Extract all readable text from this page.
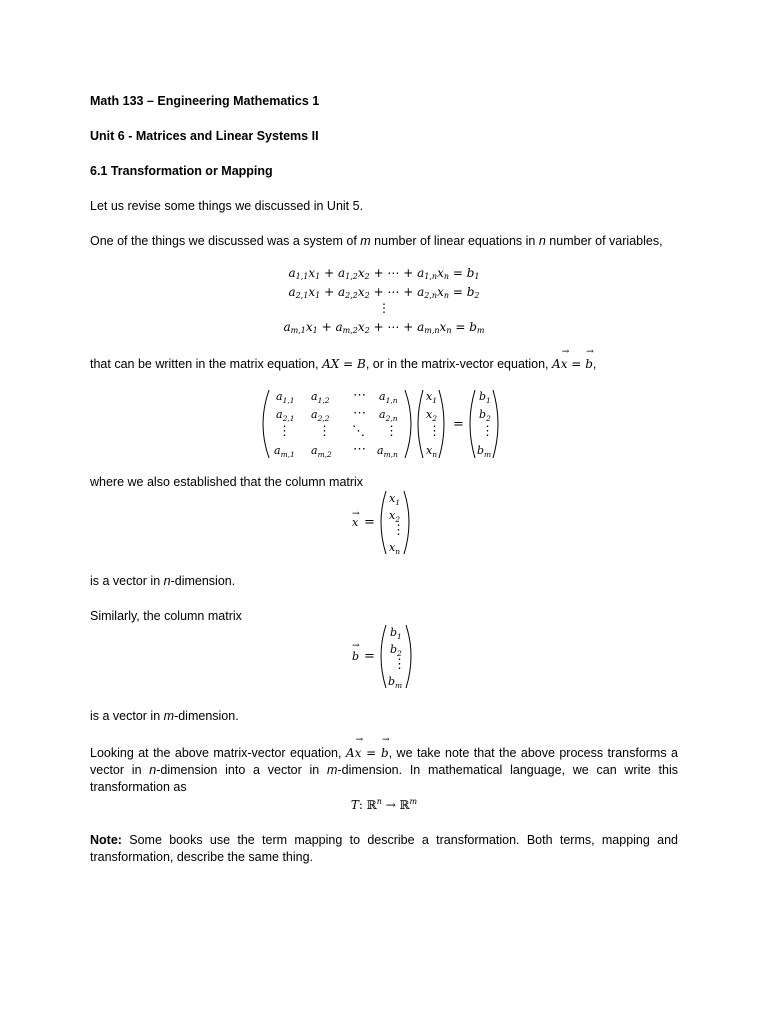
Math 133 – Engineering Mathematics 1
Unit 6 - Matrices and Linear Systems II
6.1 Transformation or Mapping
Let us revise some things we discussed in Unit 5.
One of the things we discussed was a system of m number of linear equations in n number of variables,
$a_{1,1}x_1 + a_{1,2}x_2$ + ⋯ + $a_{1,n}x_n = b_1$
$a_{2,1}x_1 + a_{2,2}x_2$ + ⋯ + $a_{2,n}x_n = b_2$
⋮
$a_{m,1}x_1 + a_{m,2}x_2$ + ⋯ + $a_{m,n}x_n = b_m$
that can be written in the matrix equation, AX = B, or in the matrix-vector equation, A→ x = → b,
$a_{1,1}$ $a_{1,2}$ ⋯ $a_{1,n}$
$a_{2,1}$ $a_{2,2}$ ⋯ $a_{2,n}$
⋮ ⋮ ⋱ ⋮
$a_{m,1}$ $a_{m,2}$ ⋯ $a_{m,n}$
$x_1$
$x_2$
⋮
$x_n$
=
$b_1$
$b_2$
⋮
$b_m$
where we also established that the column matrix
x
→
=
$x_1$
$x_2$
⋮
$x_n$
is a vector in n-dimension.
Similarly, the column matrix
b
→
=
$b_1$
$b_2$
⋮
$b_m$
is a vector in m-dimension.
Looking at the above matrix-vector equation, A→ x = → b, we take note that the above process transforms a vector in n-dimension into a vector in m-dimension. In mathematical language, we can write this transformation as
T: ℝ$^n$ → ℝ$^m$
Note: Some books use the term mapping to describe a transformation. Both terms, mapping and transformation, describe the same thing.
